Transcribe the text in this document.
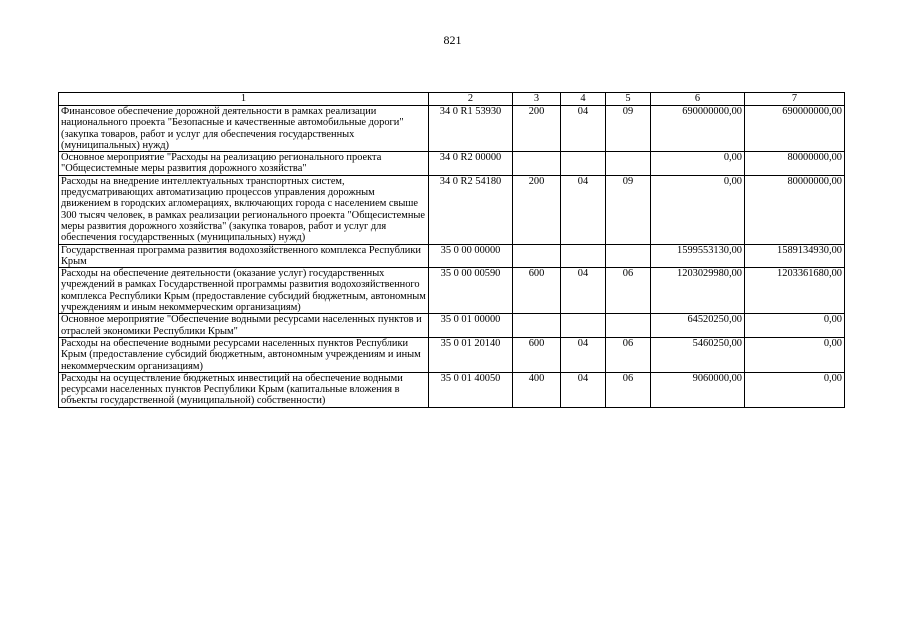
821
1	2	3	4	5	6	7
Финансовое обеспечение дорожной деятельности в рамках реализации национального проекта "Безопасные и качественные автомобильные дороги" (закупка товаров, работ и услуг для обеспечения государственных (муниципальных) нужд)	34 0 R1 53930	200	04	09	690000000,00	690000000,00
Основное мероприятие "Расходы на реализацию регионального проекта "Общесистемные меры развития дорожного хозяйства"	34 0 R2 00000				0,00	80000000,00
Расходы на внедрение интеллектуальных транспортных систем, предусматривающих автоматизацию процессов управления дорожным движением в городских агломерациях, включающих города с населением свыше 300 тысяч человек, в рамках реализации регионального проекта "Общесистемные меры развития дорожного хозяйства" (закупка товаров, работ и услуг для обеспечения государственных (муниципальных) нужд)	34 0 R2 54180	200	04	09	0,00	80000000,00
Государственная программа развития водохозяйственного комплекса Республики Крым	35 0 00 00000				1599553130,00	1589134930,00
Расходы на обеспечение деятельности (оказание услуг) государственных учреждений в рамках Государственной программы развития водохозяйственного комплекса Республики Крым (предоставление субсидий бюджетным, автономным учреждениям и иным некоммерческим организациям)	35 0 00 00590	600	04	06	1203029980,00	1203361680,00
Основное мероприятие "Обеспечение водными ресурсами населенных пунктов и отраслей экономики Республики Крым"	35 0 01 00000				64520250,00	0,00
Расходы на обеспечение водными ресурсами населенных пунктов Республики Крым (предоставление субсидий бюджетным, автономным учреждениям и иным некоммерческим организациям)	35 0 01 20140	600	04	06	5460250,00	0,00
Расходы на осуществление бюджетных инвестиций на обеспечение водными ресурсами населенных пунктов Республики Крым (капитальные вложения в объекты государственной (муниципальной) собственности)	35 0 01 40050	400	04	06	9060000,00	0,00
